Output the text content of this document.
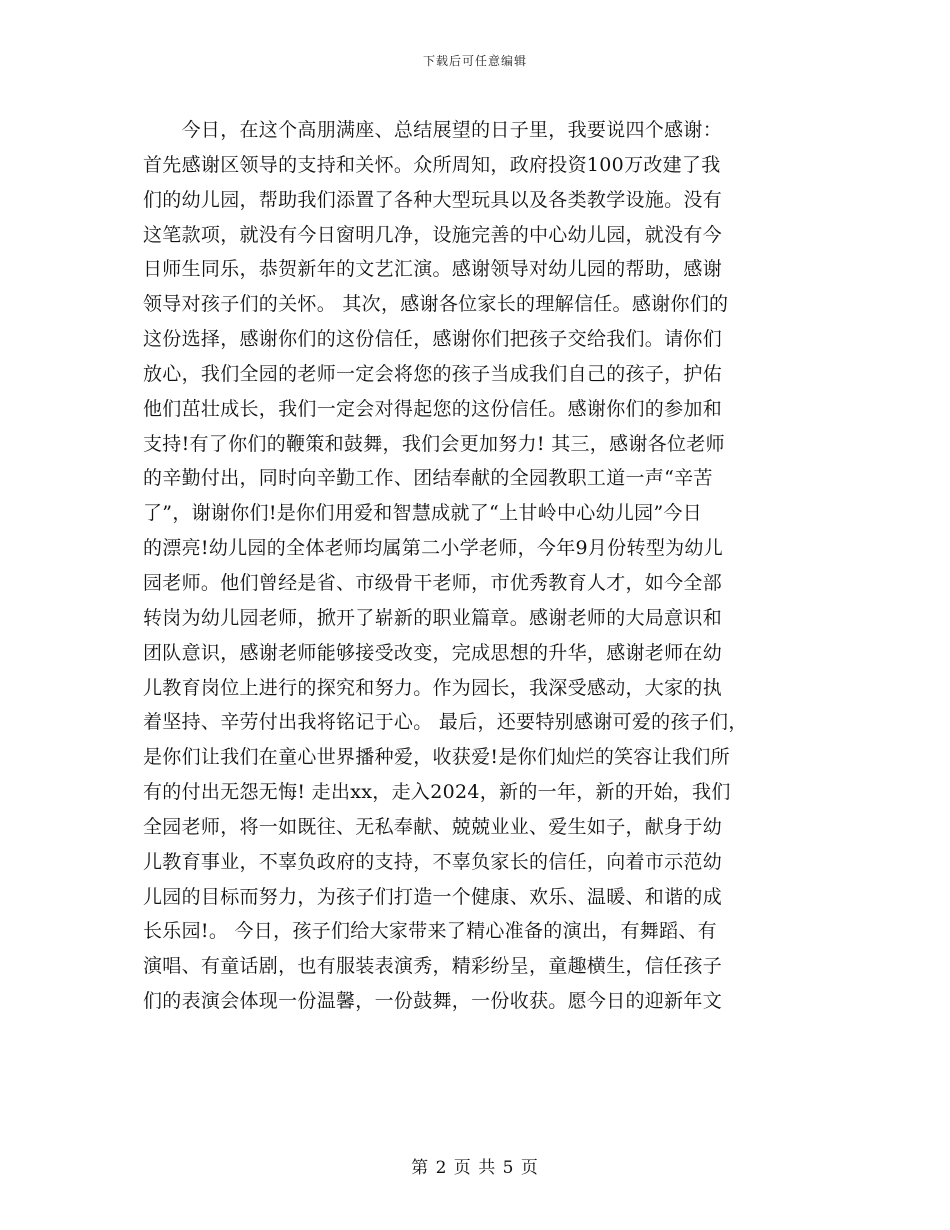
下载后可任意编辑
　　今日，在这个高朋满座、总结展望的日子里，我要说四个感谢：
首先感谢区领导的支持和关怀。众所周知，政府投资100万改建了我
们的幼儿园，帮助我们添置了各种大型玩具以及各类教学设施。没有
这笔款项，就没有今日窗明几净，设施完善的中心幼儿园，就没有今
日师生同乐，恭贺新年的文艺汇演。感谢领导对幼儿园的帮助，感谢
领导对孩子们的关怀。 其次，感谢各位家长的理解信任。感谢你们的
这份选择，感谢你们的这份信任，感谢你们把孩子交给我们。请你们
放心，我们全园的老师一定会将您的孩子当成我们自己的孩子，护佑
他们茁壮成长，我们一定会对得起您的这份信任。感谢你们的参加和
支持!有了你们的鞭策和鼓舞，我们会更加努力! 其三，感谢各位老师
的辛勤付出，同时向辛勤工作、团结奉献的全园教职工道一声“辛苦
了”，谢谢你们!是你们用爱和智慧成就了“上甘岭中心幼儿园”今日
的漂亮!幼儿园的全体老师均属第二小学老师，今年9月份转型为幼儿
园老师。他们曾经是省、市级骨干老师，市优秀教育人才，如今全部
转岗为幼儿园老师，掀开了崭新的职业篇章。感谢老师的大局意识和
团队意识，感谢老师能够接受改变，完成思想的升华，感谢老师在幼
儿教育岗位上进行的探究和努力。作为园长，我深受感动，大家的执
着坚持、辛劳付出我将铭记于心。 最后，还要特别感谢可爱的孩子们，
是你们让我们在童心世界播种爱，收获爱!是你们灿烂的笑容让我们所
有的付出无怨无悔! 走出xx，走入2024，新的一年，新的开始，我们
全园老师，将一如既往、无私奉献、兢兢业业、爱生如子，献身于幼
儿教育事业，不辜负政府的支持，不辜负家长的信任，向着市示范幼
儿园的目标而努力，为孩子们打造一个健康、欢乐、温暖、和谐的成
长乐园!。 今日，孩子们给大家带来了精心准备的演出，有舞蹈、有
演唱、有童话剧，也有服装表演秀，精彩纷呈，童趣横生，信任孩子
们的表演会体现一份温馨，一份鼓舞，一份收获。愿今日的迎新年文
第 2 页 共 5 页
